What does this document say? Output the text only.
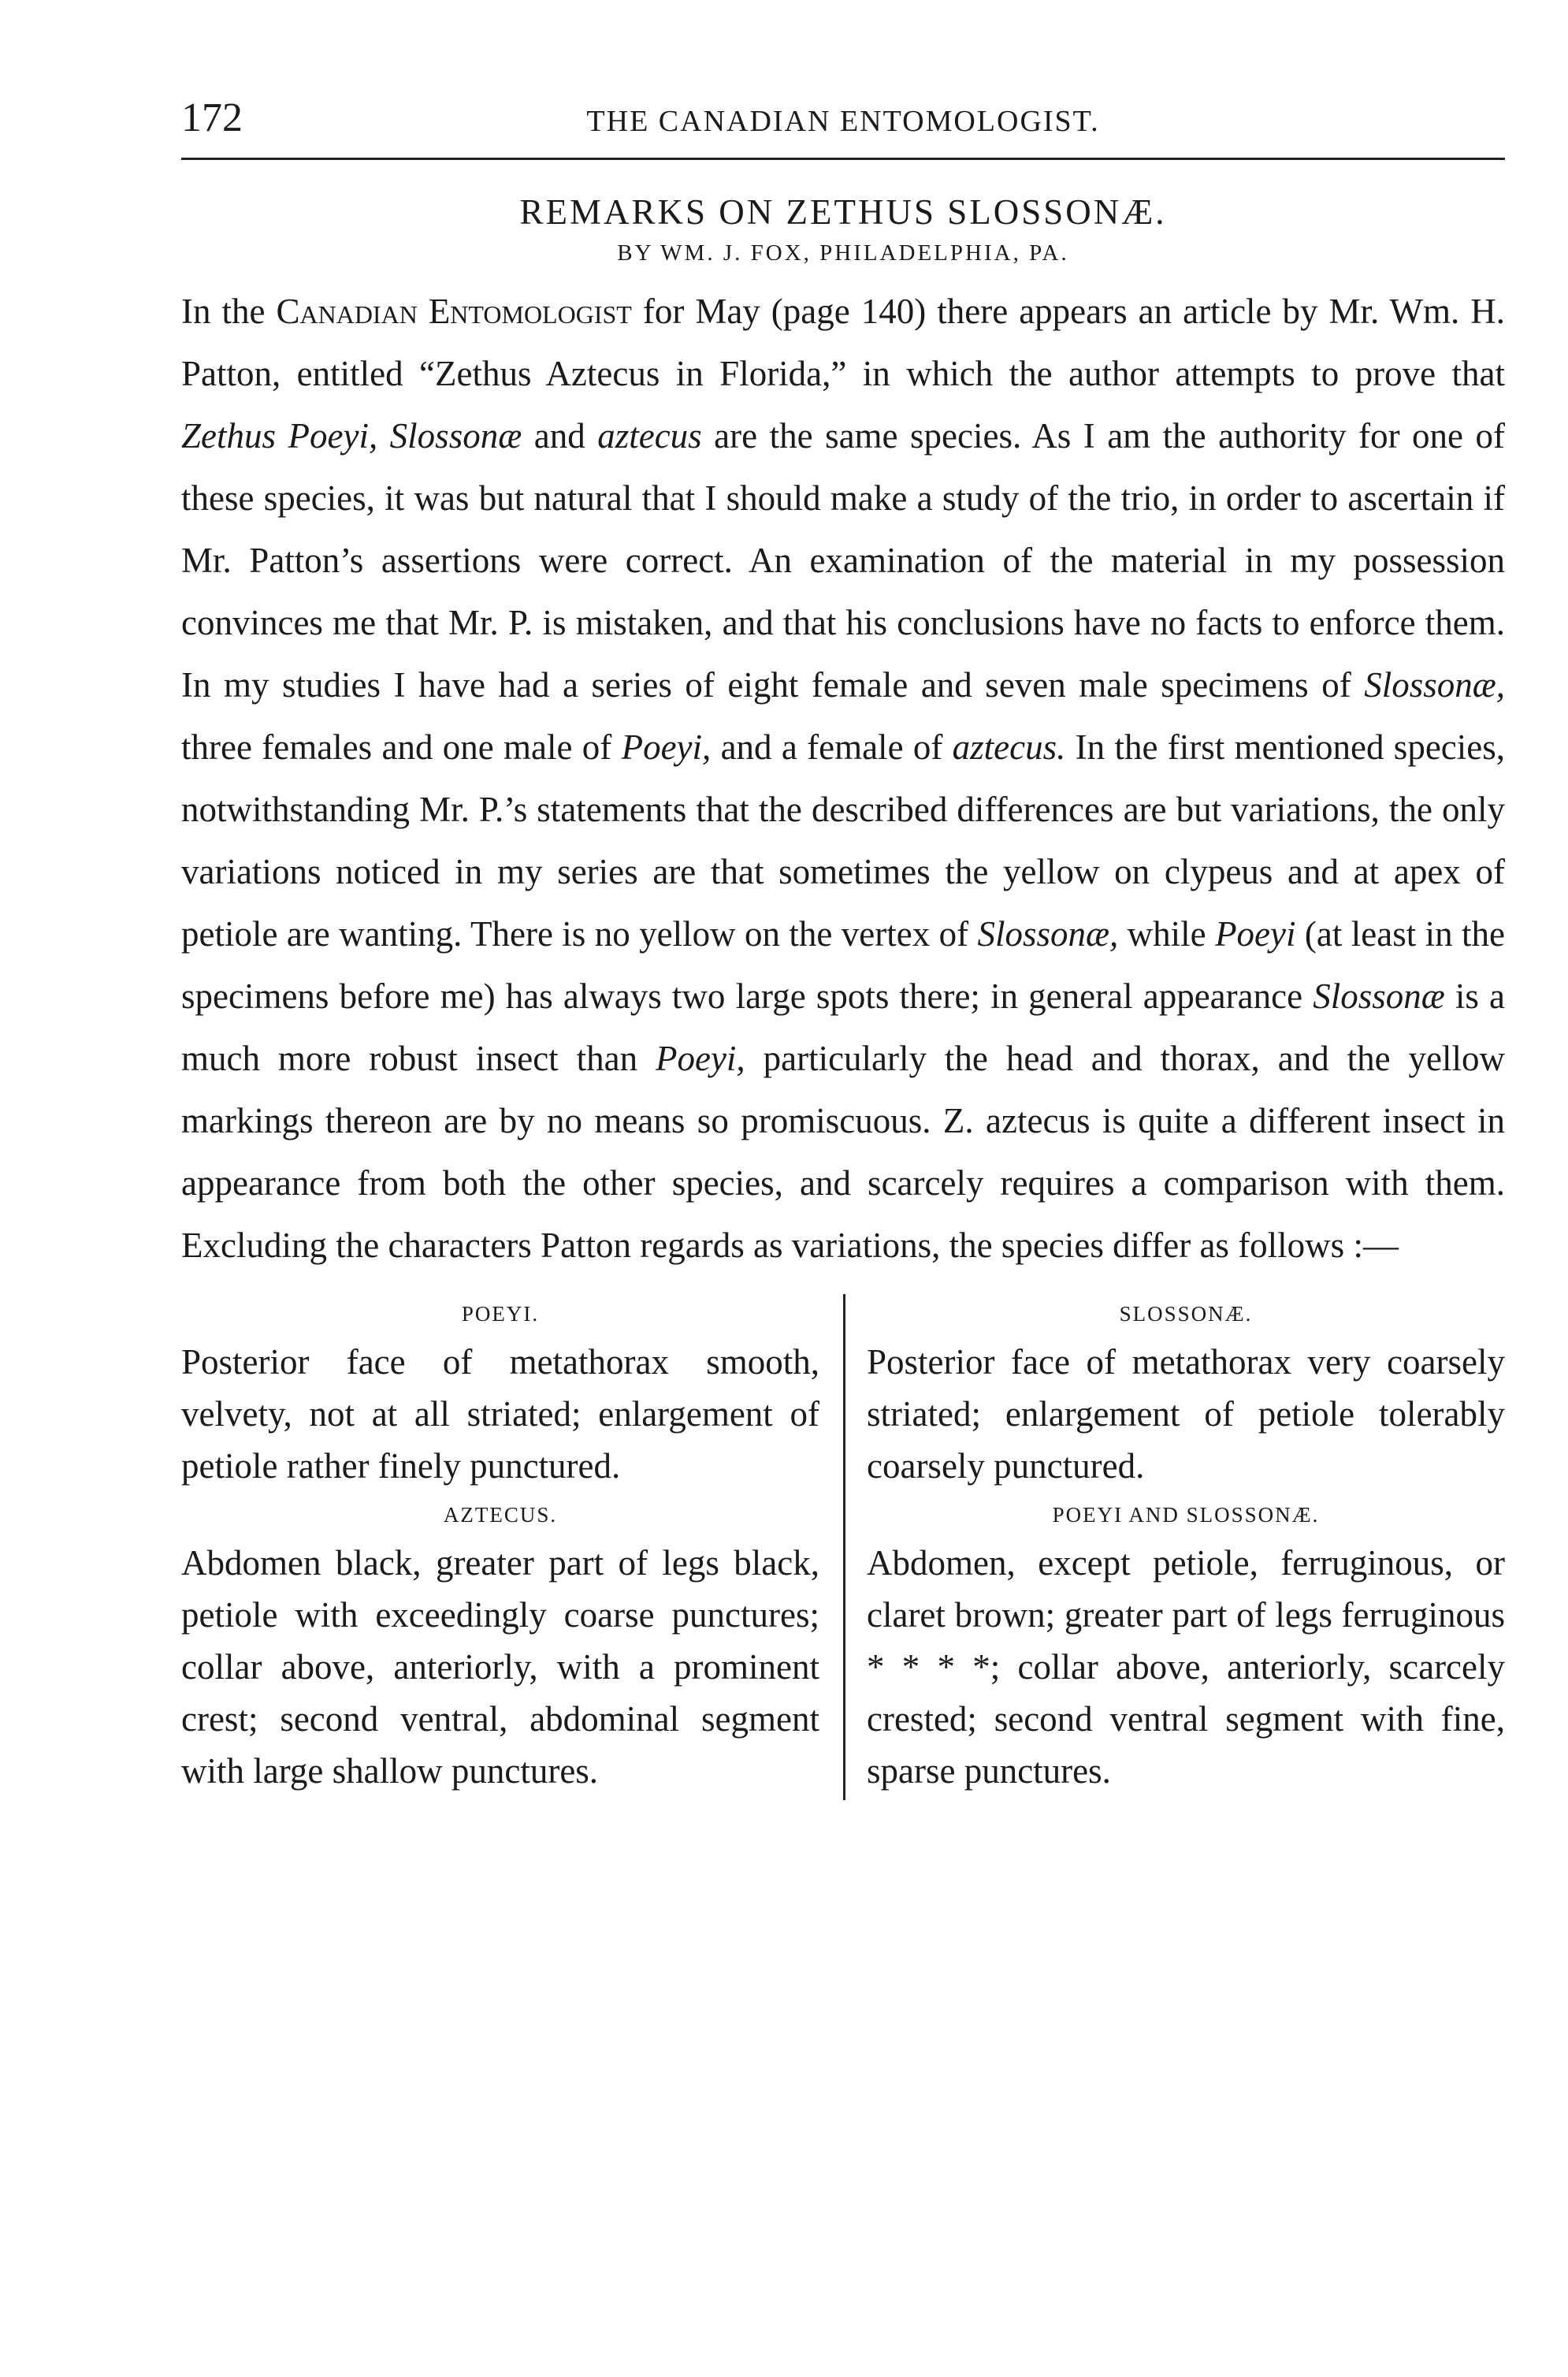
172	THE CANADIAN ENTOMOLOGIST.
REMARKS ON ZETHUS SLOSSONÆ.
BY WM. J. FOX, PHILADELPHIA, PA.

In the Canadian Entomologist for May (page 140) there appears an article by Mr. Wm. H. Patton, entitled “Zethus Aztecus in Florida,” in which the author attempts to prove that Zethus Poeyi, Slossonæ and aztecus are the same species. As I am the authority for one of these species, it was but natural that I should make a study of the trio, in order to ascertain if Mr. Patton’s assertions were correct. An examination of the material in my possession convinces me that Mr. P. is mistaken, and that his conclusions have no facts to enforce them. In my studies I have had a series of eight female and seven male specimens of Slossonæ, three females and one male of Poeyi, and a female of aztecus. In the first mentioned species, notwithstanding Mr. P.’s statements that the described differences are but variations, the only variations noticed in my series are that sometimes the yellow on clypeus and at apex of petiole are wanting. There is no yellow on the vertex of Slossonæ, while Poeyi (at least in the specimens before me) has always two large spots there; in general appearance Slossonæ is a much more robust insect than Poeyi, particularly the head and thorax, and the yellow markings thereon are by no means so promiscuous. Z. aztecus is quite a different insect in appearance from both the other species, and scarcely requires a comparison with them. Excluding the characters Patton regards as variations, the species differ as follows :—

POEYI.

Posterior face of metathorax smooth, velvety, not at all striated; enlargement of petiole rather finely punctured.

AZTECUS.

Abdomen black, greater part of legs black, petiole with exceedingly coarse punctures; collar above, anteriorly, with a prominent crest; second ventral, abdominal segment with large shallow punctures.

SLOSSONÆ.

Posterior face of metathorax very coarsely striated; enlargement of petiole tolerably coarsely punctured.

POEYI AND SLOSSONÆ.

Abdomen, except petiole, ferruginous, or claret brown; greater part of legs ferruginous * * * *; collar above, anteriorly, scarcely crested; second ventral segment with fine, sparse punctures.
